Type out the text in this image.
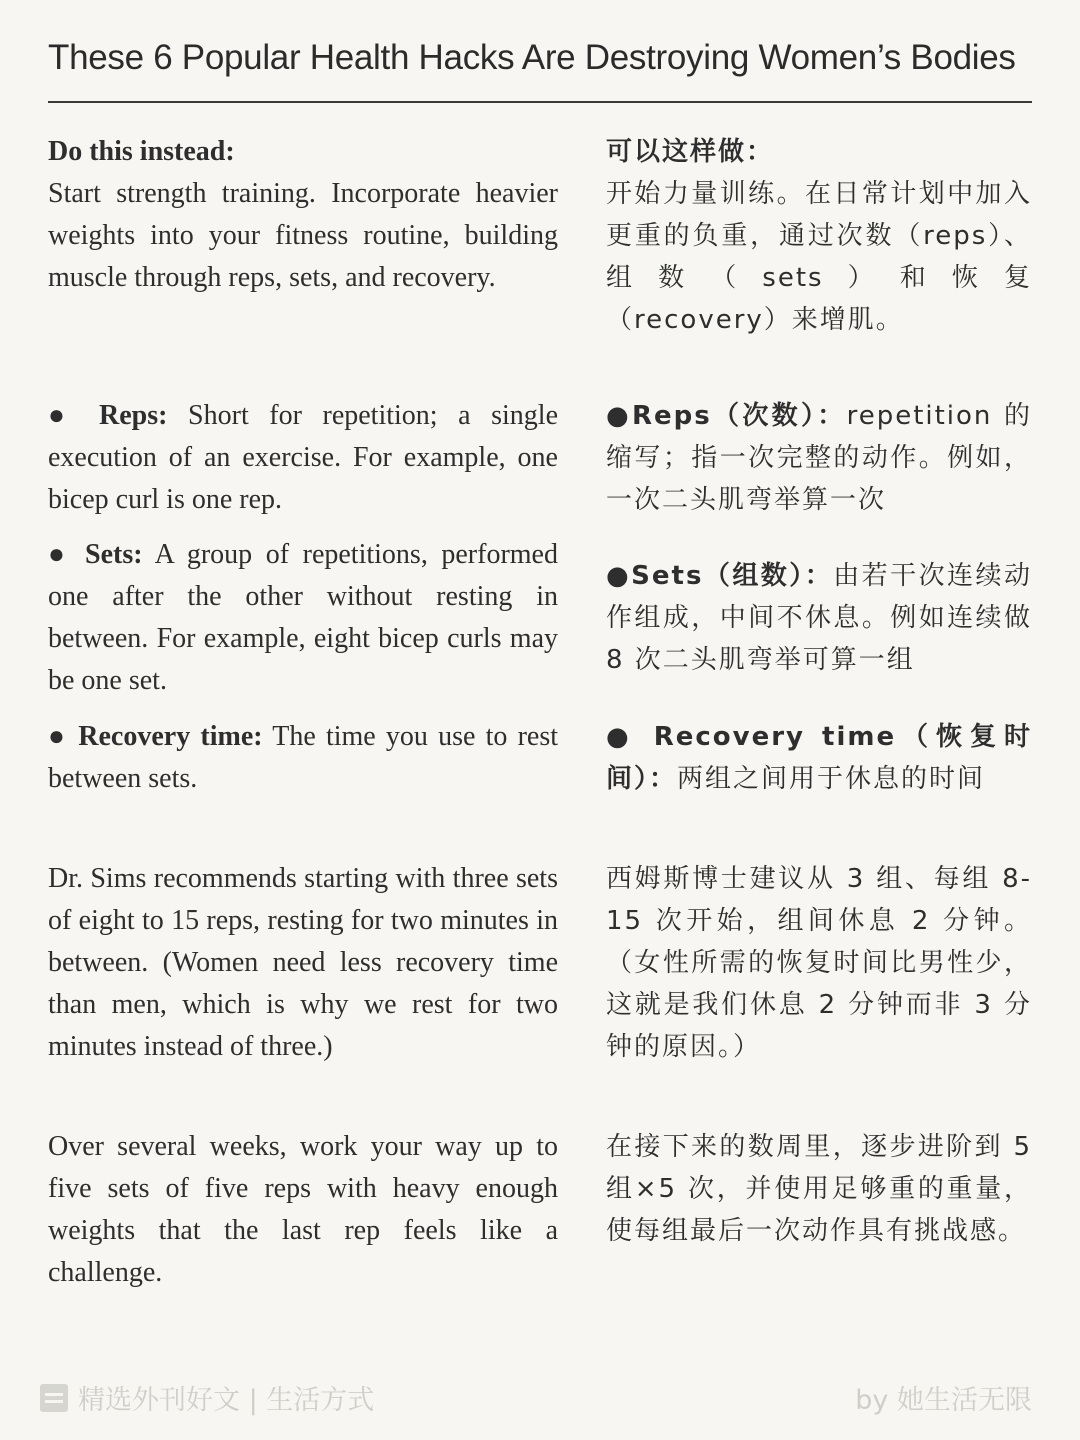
These 6 Popular Health Hacks Are Destroying Women’s Bodies
Do this instead:
Start strength training. Incorporate heavier weights into your fitness routine, building muscle through reps, sets, and recovery.
可以这样做：
开始力量训练。在日常计划中加入更重的负重，通过次数（reps）、组数（sets）和恢复（recovery）来增肌。
● Reps: Short for repetition; a single execution of an exercise. For example, one bicep curl is one rep.
●Reps（次数）：repetition 的缩写；指一次完整的动作。例如，一次二头肌弯举算一次
● Sets: A group of repetitions, performed one after the other without resting in between. For example, eight bicep curls may be one set.
●Sets（组数）：由若干次连续动作组成，中间不休息。例如连续做 8 次二头肌弯举可算一组
● Recovery time: The time you use to rest between sets.
● Recovery time（恢复时间）：两组之间用于休息的时间
Dr. Sims recommends starting with three sets of eight to 15 reps, resting for two minutes in between. (Women need less recovery time than men, which is why we rest for two minutes instead of three.)
西姆斯博士建议从 3 组、每组 8-15 次开始，组间休息 2 分钟。（女性所需的恢复时间比男性少，这就是我们休息 2 分钟而非 3 分钟的原因。）
Over several weeks, work your way up to five sets of five reps with heavy enough weights that the last rep feels like a challenge.
在接下来的数周里，逐步进阶到 5 组×5 次，并使用足够重的重量，使每组最后一次动作具有挑战感。
精选外刊好文 | 生活方式	by 她生活无限
